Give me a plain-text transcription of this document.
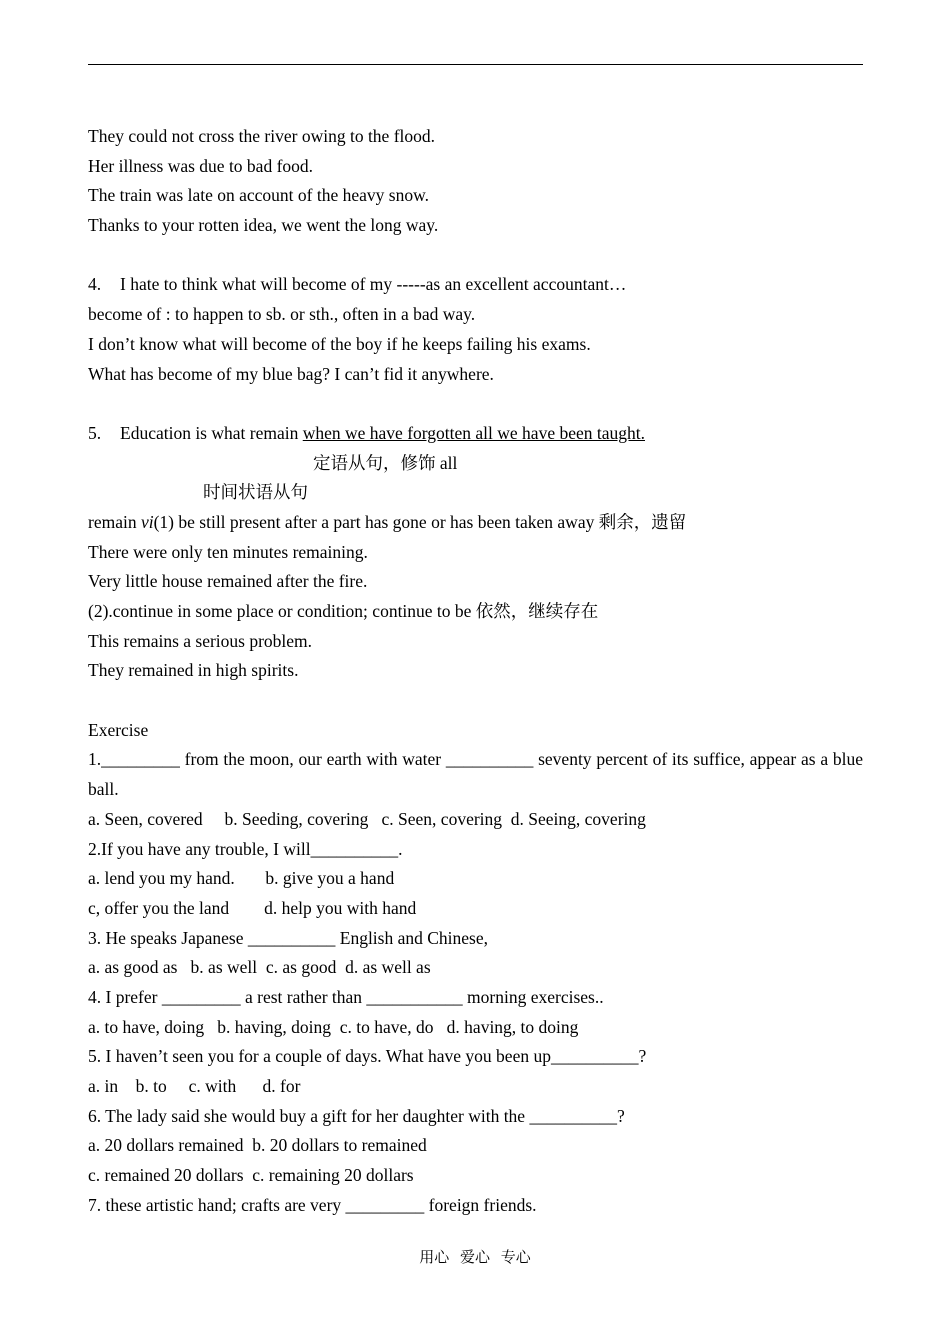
They could not cross the river owing to the flood.
Her illness was due to bad food.
The train was late on account of the heavy snow.
Thanks to your rotten idea, we went the long way.
4. I hate to think what will become of my -----as an excellent accountant…
become of : to happen to sb. or sth., often in a bad way.
I don’t know what will become of the boy if he keeps failing his exams.
What has become of my blue bag? I can’t fid it anywhere.
5. Education is what remain when we have forgotten all we have been taught.
定语从句，修饰 all
时间状语从句
remain vi(1) be still present after a part has gone or has been taken away 剩余，遗留
There were only ten minutes remaining.
Very little house remained after the fire.
(2).continue in some place or condition; continue to be 依然，继续存在
This remains a serious problem.
They remained in high spirits.
Exercise
1._________ from the moon, our earth with water __________ seventy percent of its suffice, appear as a blue ball.
a. Seen, covered     b. Seeding, covering   c. Seen, covering  d. Seeing, covering
2.If you have any trouble, I will__________.
a. lend you my hand.       b. give you a hand
c, offer you the land        d. help you with hand
3. He speaks Japanese __________ English and Chinese,
a. as good as   b. as well  c. as good  d. as well as
4. I prefer _________ a rest rather than ___________ morning exercises..
a. to have, doing   b. having, doing  c. to have, do   d. having, to doing
5. I haven’t seen you for a couple of days. What have you been up__________?
a. in    b. to     c. with      d. for
6. The lady said she would buy a gift for her daughter with the __________?
a. 20 dollars remained  b. 20 dollars to remained
c. remained 20 dollars  c. remaining 20 dollars
7. these artistic hand; crafts are very _________ foreign friends.
用心 爱心 专心
